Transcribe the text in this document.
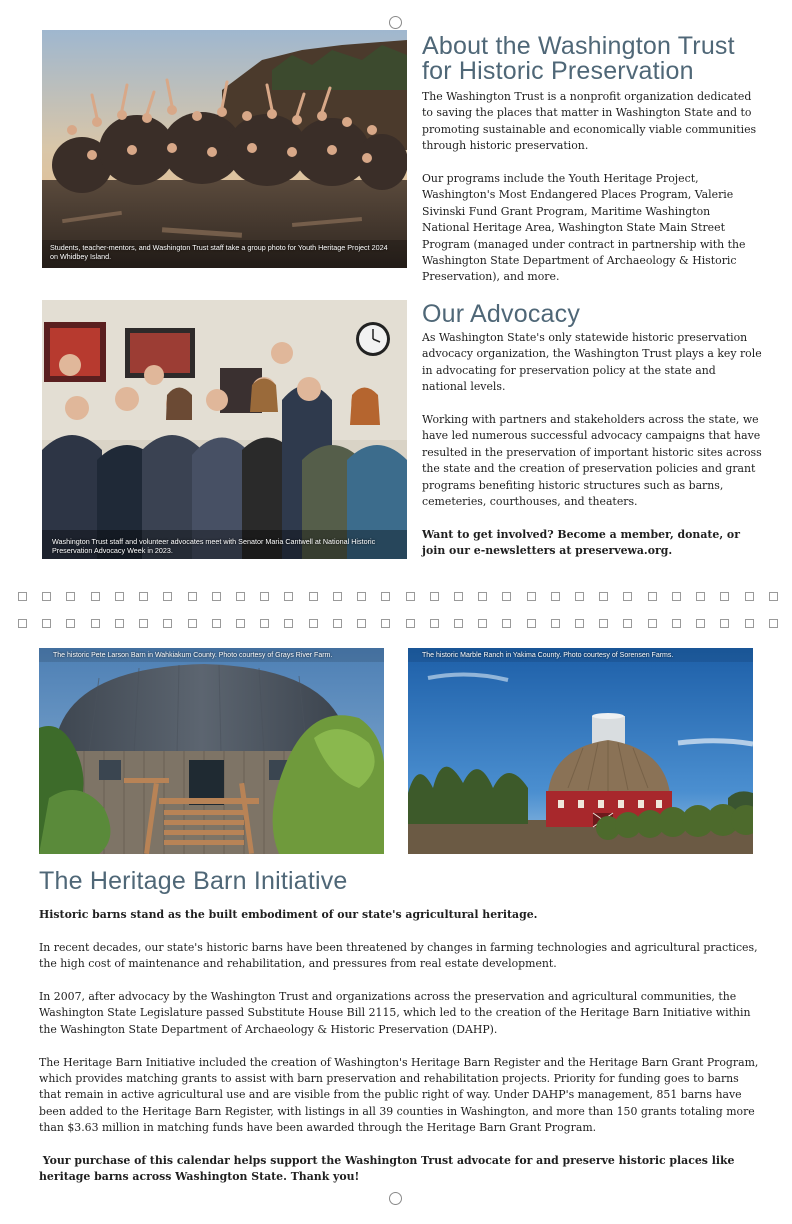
Students, teacher-mentors, and Washington Trust staff take a group photo for Youth Heritage Project 2024 on Whidbey Island.
About the Washington Trust
for Historic Preservation

The Washington Trust is a nonprofit organization dedicated to saving the places that matter in Washington State and to promoting sustainable and economically viable communities through historic preservation.

Our programs include the Youth Heritage Project, Washington's Most Endangered Places Program, Valerie Sivinski Fund Grant Program, Maritime Washington National Heritage Area, Washington State Main Street Program (managed under contract in partnership with the Washington State Department of Archaeology & Historic Preservation), and more.

Washington Trust staff and volunteer advocates meet with Senator Maria Cantwell at National Historic Preservation Advocacy Week in 2023.
Our Advocacy

As Washington State's only statewide historic preservation advocacy organization, the Washington Trust plays a key role in advocating for preservation policy at the state and national levels.

Working with partners and stakeholders across the state, we have led numerous successful advocacy campaigns that have resulted in the preservation of important historic sites across the state and the creation of preservation policies and grant programs benefiting historic structures such as barns, cemeteries, courthouses, and theaters.

Want to get involved? Become a member, donate, or join our e-newsletters at preservewa.org.

The historic Pete Larson Barn in Wahkiakum County. Photo courtesy of Grays River Farm.	The historic Marble Ranch in Yakima County. Photo courtesy of Sorensen Farms.
The Heritage Barn Initiative

Historic barns stand as the built embodiment of our state's agricultural heritage.

In recent decades, our state's historic barns have been threatened by changes in farming technologies and agricultural practices, the high cost of maintenance and rehabilitation, and pressures from real estate development.

In 2007, after advocacy by the Washington Trust and organizations across the preservation and agricultural communities, the Washington State Legislature passed Substitute House Bill 2115, which led to the creation of the Heritage Barn Initiative within the Washington State Department of Archaeology & Historic Preservation (DAHP).

The Heritage Barn Initiative included the creation of Washington's Heritage Barn Register and the Heritage Barn Grant Program, which provides matching grants to assist with barn preservation and rehabilitation projects. Priority for funding goes to barns that remain in active agricultural use and are visible from the public right of way. Under DAHP's management, 851 barns have been added to the Heritage Barn Register, with listings in all 39 counties in Washington, and more than 150 grants totaling more than $3.63 million in matching funds have been awarded through the Heritage Barn Grant Program.

Your purchase of this calendar helps support the Washington Trust advocate for and preserve historic places like heritage barns across Washington State. Thank you!
